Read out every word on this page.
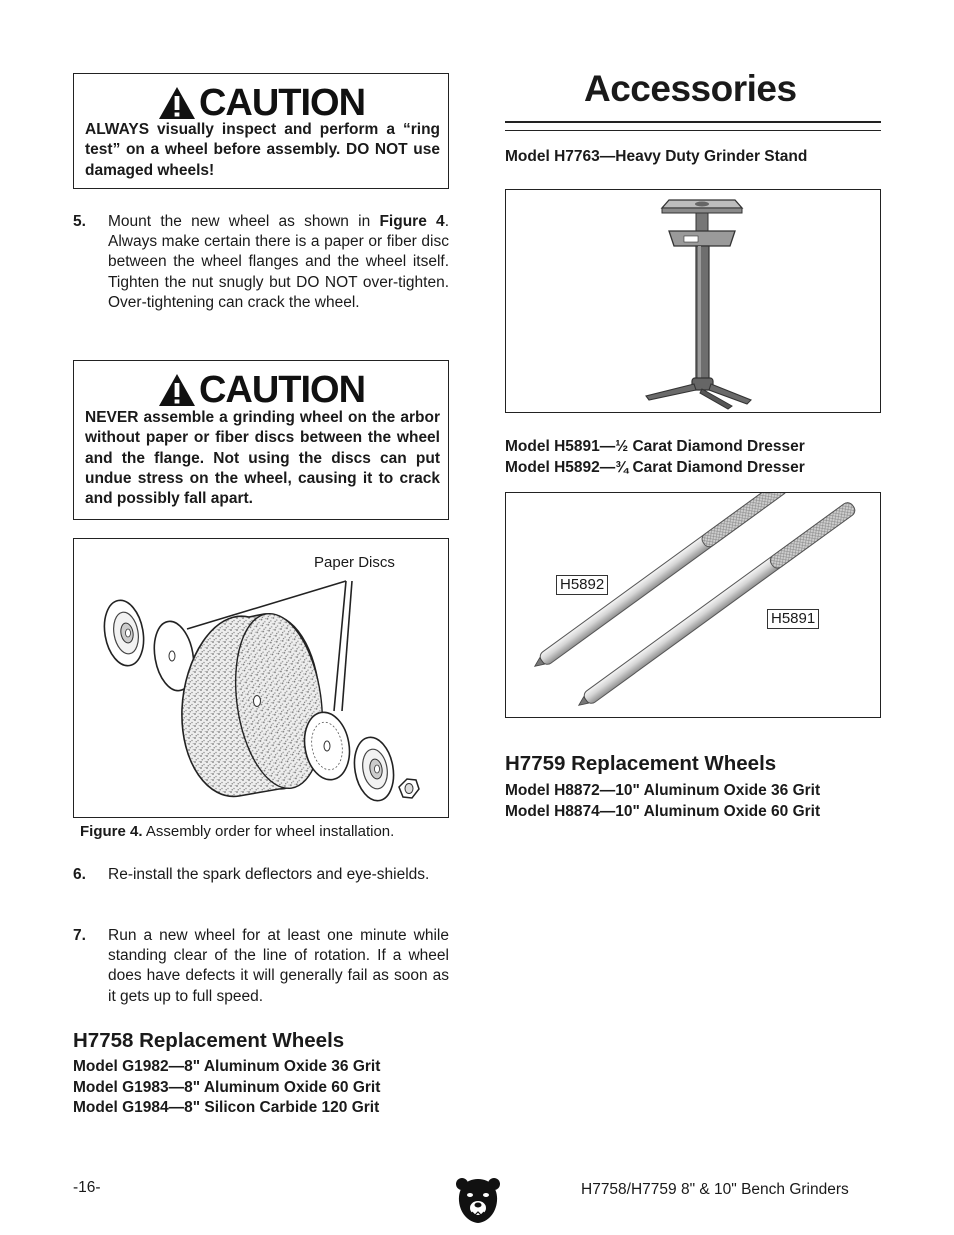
CAUTION
ALWAYS visually inspect and perform a “ring test” on a wheel before assembly. DO NOT use damaged wheels!
5. Mount the new wheel as shown in Figure 4. Always make certain there is a paper or fiber disc between the wheel flanges and the wheel itself. Tighten the nut snugly but DO NOT over-tighten. Over-tightening can crack the wheel.
CAUTION
NEVER assemble a grinding wheel on the arbor without paper or fiber discs between the wheel and the flange. Not using the discs can put undue stress on the wheel, causing it to crack and possibly fall apart.
Paper Discs
Figure 4. Assembly order for wheel installation.
6. Re-install the spark deflectors and eye-shields.
7. Run a new wheel for at least one minute while standing clear of the line of rotation. If a wheel does have defects it will generally fail as soon as it gets up to full speed.
H7758 Replacement Wheels
Model G1982—8" Aluminum Oxide 36 Grit
Model G1983—8" Aluminum Oxide 60 Grit
Model G1984—8" Silicon Carbide 120 Grit
Accessories
Model H7763—Heavy Duty Grinder Stand
Model H5891—½ Carat Diamond Dresser
Model H5892—¾ Carat Diamond Dresser
H5892
H5891
H7759 Replacement Wheels
Model H8872—10" Aluminum Oxide 36 Grit
Model H8874—10" Aluminum Oxide 60 Grit
-16-	H7758/H7759 8" & 10" Bench Grinders
